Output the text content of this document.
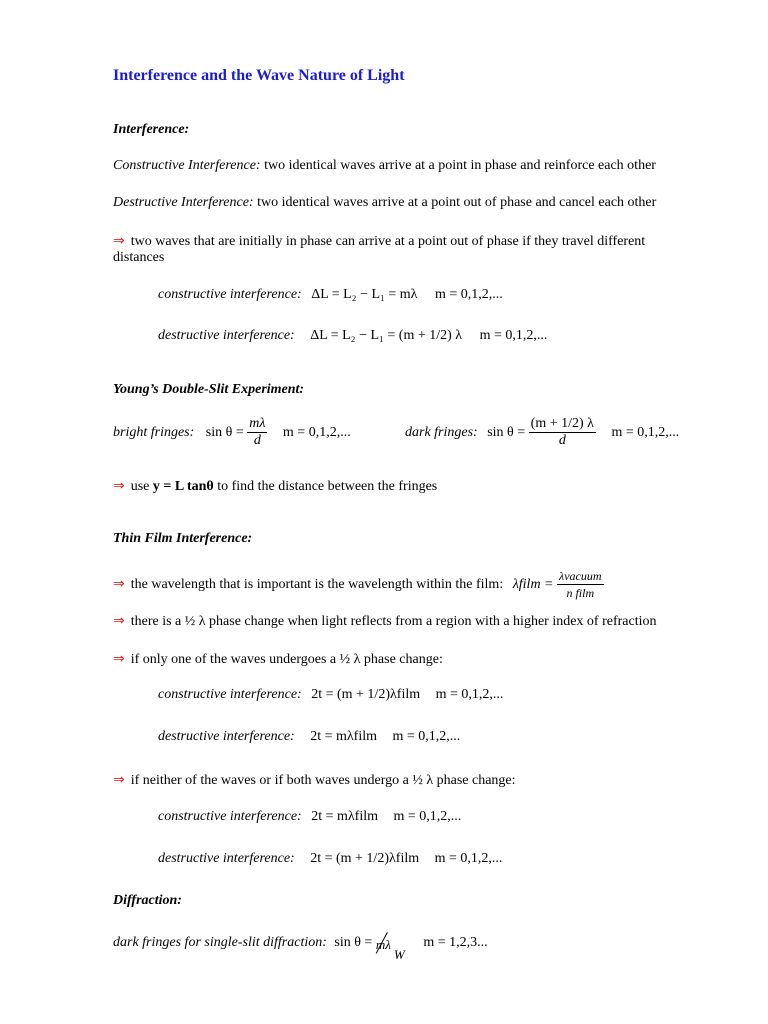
Interference and the Wave Nature of Light
Interference:
Constructive Interference: two identical waves arrive at a point in phase and reinforce each other
Destructive Interference: two identical waves arrive at a point out of phase and cancel each other
⇒ two waves that are initially in phase can arrive at a point out of phase if they travel different
distances
constructive interference: ΔL = L₂ − L₁ = mλ m = 0,1,2,...
destructive interference: ΔL = L₂ − L₁ = (m + 1/2) λ m = 0,1,2,...
Young’s Double-Slit Experiment:
bright fringes: $\sin \theta = \frac{m\lambda}{d}$ m = 0,1,2,...	dark fringes: $\sin \theta = \frac{(m + 1/2) \lambda}{d}$ m = 0,1,2,...
⇒ use y = L tanθ to find the distance between the fringes
Thin Film Interference:
⇒ the wavelength that is important is the wavelength within the film: λfilm = $\frac{\text{λvacuum}}{\text{n film}}$
⇒ there is a ½ λ phase change when light reflects from a region with a higher index of refraction
⇒ if only one of the waves undergoes a ½ λ phase change:
constructive interference: 2t = (m + 1/2)λfilm m = 0,1,2,...
destructive interference: 2t = mλfilm m = 0,1,2,...
⇒ if neither of the waves or if both waves undergo a ½ λ phase change:
constructive interference: 2t = mλfilm m = 0,1,2,...
destructive interference: 2t = (m + 1/2)λfilm m = 0,1,2,...
Diffraction:
dark fringes for single-slit diffraction: sin θ = mλ
W
m = 1,2,3...
